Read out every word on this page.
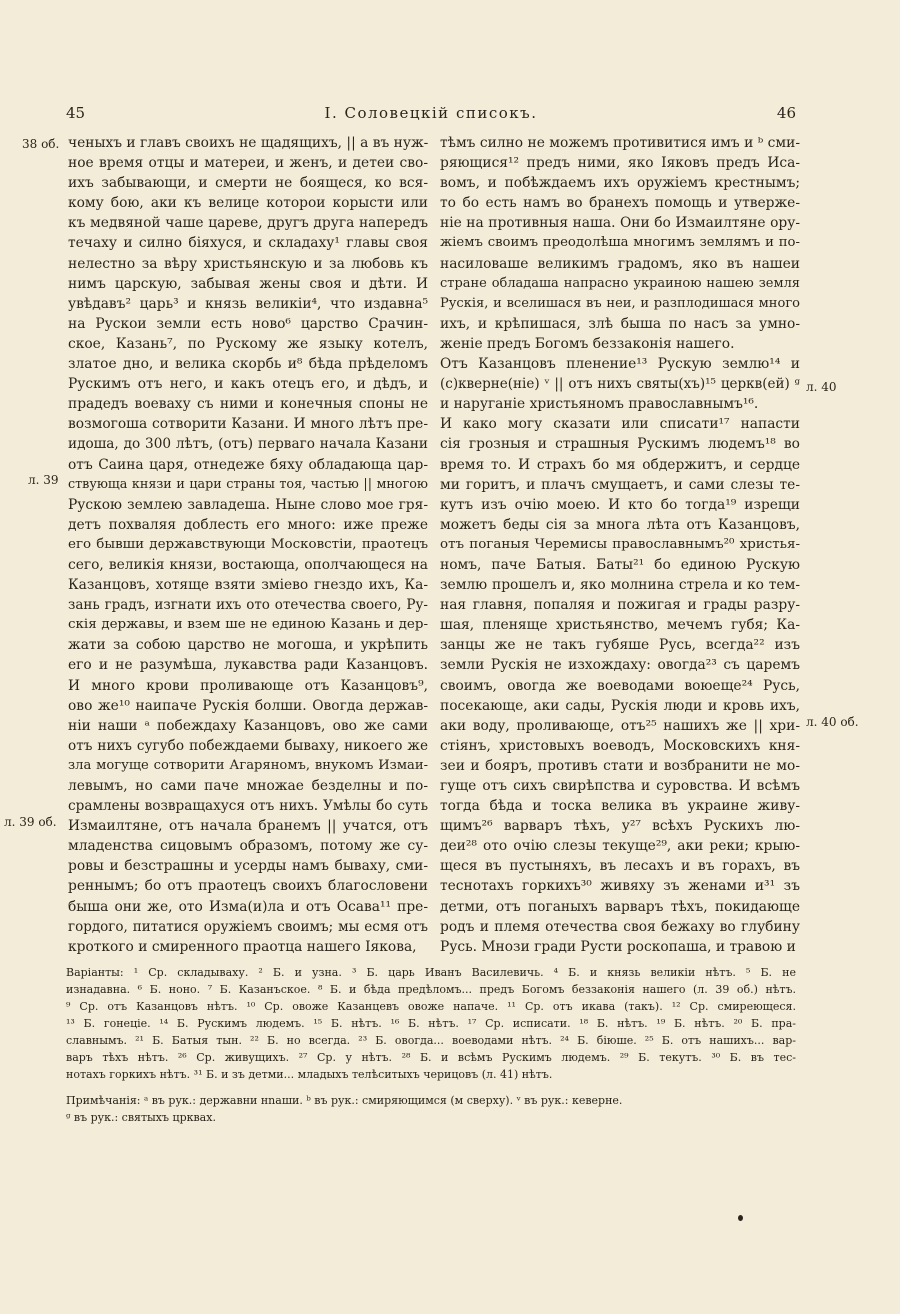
45	I. Соловецкій списокъ.	46
38 об.
л. 39
л. 39 об.
л. 40
л. 40 об.
ченыхъ и главъ своихъ не щадящихъ, || а въ нуж-
ное время отцы и матереи, и женъ, и детеи сво-
ихъ забывающи, и смерти не боящеся, ко вся-
кому бою, аки къ велице которои корысти или
къ медвяной чаше цареве, другъ друга напередъ
течаху и силно біяхуся, и складаху¹ главы своя
нелестно за вѣру христьянскую и за любовь къ
нимъ царскую, забывая жены своя и дѣти. И
увѣдавъ² царь³ и князь великіи⁴, что издавна⁵
на Рускои земли есть ново⁶ царство Срачин-
ское, Казань⁷, по Рускому же языку котелъ,
златое дно, и велика скорбь и⁸ бѣда прѣделомъ
Рускимъ отъ него, и какъ отецъ его, и дѣдъ, и
прадедъ воеваху съ ними и конечныя споны не
возмогоша сотворити Казани. И много лѣтъ пре-
идоша, до 300 лѣтъ, (отъ) перваго начала Казани
отъ Саина царя, отнедеже бяху обладающа цар-
ствующа князи и цари страны тоя, частью || многою
Рускою землею завладеша. Ныне слово мое гря-
детъ похваляя доблесть его много: иже преже
его бывши державствующи Московстіи, праотецъ
сего, великія князи, востающа, ополчающеся на
Казанцовъ, хотяще взяти зміево гнездо ихъ, Ка-
зань градъ, изгнати ихъ ото отечества своего, Ру-
скія державы, и взем ше не единою Казань и дер-
жати за собою царство не могоша, и укрѣпить
его и не разумѣша, лукавства ради Казанцовъ.
И много крови проливающе отъ Казанцовъ⁹,
ово же¹⁰ наипаче Рускія болши. Овогда держав-
нiи наши ᵃ побеждаху Казанцовъ, ово же сами
отъ нихъ сугубо побеждаеми бываху, никоего же
зла могуще сотворити Агаряномъ, внукомъ Измаи-
левымъ, но сами паче множае безделны и по-
срамлены возвращахуся отъ нихъ. Умѣлы бо суть
Измаилтяне, отъ начала бранемъ || учатся, отъ
младенства сицовымъ образомъ, потому же су-
ровы и безстрашны и усерды намъ бываху, сми-
реннымъ; бо отъ праотецъ своихъ благословени
быша они же, ото Изма(и)ла и отъ Осава¹¹ пре-
гордого, питатися оружіемъ своимъ; мы есмя отъ
кроткого и смиренного праотца нашего Іякова,
тѣмъ силно не можемъ противитися имъ и ᵇ сми-
ряющися¹² предъ ними, яко Іяковъ предъ Иса-
вомъ, и побѣждаемъ ихъ оружіемъ крестнымъ;
то бо есть намъ во бранехъ помощь и утверже-
ніе на противныя наша. Они бо Измаилтяне ору-
жіемъ своимъ преодолѣша многимъ землямъ и по-
насиловаше великимъ градомъ, яко въ нашеи
стране обладаша напрасно украиною нашею земля
Рускія, и вселишася въ неи, и разплодишася много
ихъ, и крѣпишася, злѣ быша по насъ за умно-
женіе предъ Богомъ беззаконія нашего.
Отъ Казанцовъ пленение¹³ Рускую землю¹⁴ и
(с)кверне(ніе) ᵛ || отъ нихъ святы(хъ)¹⁵ церкв(ей) ᵍ
и наруганіе христьяномъ православнымъ¹⁶.
И како могу сказати или списати¹⁷ напасти
сія грозныя и страшныя Рускимъ людемъ¹⁸ во
время то. И страхъ бо мя обдержитъ, и сердце
ми горитъ, и плачъ смущаетъ, и сами слезы те-
кутъ изъ очію моею. И кто бо тогда¹⁹ изрещи
можетъ беды сія за многа лѣта отъ Казанцовъ,
отъ поганыя Черемисы православнымъ²⁰ христья-
номъ, паче Батыя. Баты²¹ бо единою Рускую
землю прошелъ и, яко молнина стрела и ко тем-
ная главня, попаляя и пожигая и грады разру-
шая, пленяще христьянство, мечемъ губя; Ка-
занцы же не такъ губяше Русь, всегда²² изъ
земли Рускія не изхождаху: овогда²³ съ царемъ
своимъ, овогда же воеводами воюеще²⁴ Русь,
посекающе, аки сады, Рускія люди и кровь ихъ,
аки воду, проливающе, отъ²⁵ нашихъ же || хри-
стіянъ, христовыхъ воеводъ, Московскихъ кня-
зеи и бояръ, противъ стати и возбранити не мо-
гуще отъ сихъ свирѣпства и суровства. И всѣмъ
тогда бѣда и тоска велика въ украине живу-
щимъ²⁶ варваръ тѣхъ, у²⁷ всѣхъ Рускихъ лю-
деи²⁸ ото очію слезы текуще²⁹, аки реки; крыю-
щеся въ пустыняхъ, въ лесахъ и въ горахъ, въ
теснотахъ горкихъ³⁰ живяху зъ женами и³¹ зъ
детми, отъ поганыхъ варваръ тѣхъ, покидающе
родъ и племя отечества своя бежаху во глубину
Русь. Мнози гради Русти роскопаша, и травою и
Варіанты: ¹ Ср. складываху. ² Б. и узна. ³ Б. царь Иванъ Василевичь. ⁴ Б. и князь великіи нѣтъ. ⁵ Б. не
изнадавна. ⁶ Б. ноно. ⁷ Б. Казанъское. ⁸ Б. и бѣда предѣломъ... предъ Богомъ беззаконія нашего (л. 39 об.) нѣтъ.
⁹ Ср. отъ Казанцовъ нѣтъ. ¹⁰ Ср. овоже Казанцевъ овоже напачe. ¹¹ Ср. отъ икава (такъ). ¹² Ср. смиреющеся.
¹³ Б. гонеціе. ¹⁴ Б. Рускимъ людемъ. ¹⁵ Б. нѣтъ. ¹⁶ Б. нѣтъ. ¹⁷ Ср. исписати. ¹⁸ Б. нѣтъ. ¹⁹ Б. нѣтъ. ²⁰ Б. пра-
славнымъ. ²¹ Б. Батыя тын. ²² Б. но всегда. ²³ Б. овогда... воеводами нѣтъ. ²⁴ Б. біюше. ²⁵ Б. отъ нашихъ... вар-
варъ тѣхъ нѣтъ. ²⁶ Ср. живущихъ. ²⁷ Ср. у нѣтъ. ²⁸ Б. и всѣмъ Рускимъ людемъ. ²⁹ Б. текутъ. ³⁰ Б. въ тес-
нотахъ горкихъ нѣтъ. ³¹ Б. и зъ детми... младыхъ телѣситыхъ черицовъ (л. 41) нѣтъ.
Примѣчанія: ᵃ въ рук.: державни нnаши. ᵇ въ рук.: смиряющимся (м сверху). ᵛ въ рук.: кеверне.
ᵍ въ рук.: святыхъ црквах.
